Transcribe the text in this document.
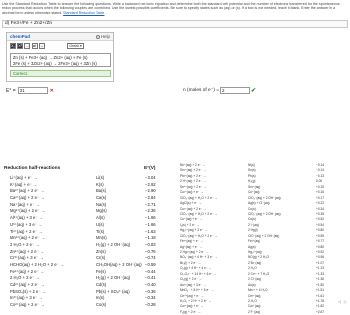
Use the Standard Reduction Table to answer the following questions. Write a balanced net ionic equation and determine both the standard cell potential and the number of electrons transferred for the spontaneous redox process that occurs when the following couples are combined. Use the lowest possible coefficients. Be sure to specify states such as (aq) or (s). If a box is not needed, leave it blank. Enter the answer in a decimal form unless otherwise stated. Standard Reduction Table
d) Fe3+/Fe + Zn2+/Zn
chemPad	Help
X₂ X² →	⇌	↔	Greek ▾
Zn (s) + Fe3+ (aq) → Zn2+ (aq) + Fe (s)
2Fe (s) + 3Zn2+ (aq) → 2Fe3+ (aq) + 3Zn (s)
Correct.
E° = 31	✕	n (moles of e⁻) = 2	✔
Reduction half-reactions	E°(V)
Li⁺(aq) + e⁻ →	Li(s)	−3.04
K⁺(aq) + e⁻ →	K(s)	−2.92
Ba²⁺(aq) + 2 e⁻ →	Ba(s)	−2.90
Ca²⁺(aq) + 2 e⁻ →	Ca(s)	−2.84
Na⁺(aq) + e⁻ →	Na(s)	−2.71
Mg²⁺(aq) + 2 e⁻ →	Mg(s)	−2.36
Al³⁺(aq) + 3 e⁻ →	Al(s)	−1.66
U³⁺(aq) + 3 e⁻ →	U(s)	−1.66
Ti²⁺(aq) + 2 e⁻ →	Ti(s)	−1.63
Mn²⁺(aq) + 2 e⁻ →	Mn(s)	−1.18
2 H₂O + 2 e⁻ →	H₂(g) + 2 OH⁻(aq)	−0.83
Zn²⁺(aq) + 2 e⁻ →	Zn(s)	−0.76
Cr³⁺(aq) + 3 e⁻ →	Cr(s)	−0.74
HCHO(aq) + 2 H₂O + 2 e⁻ →	CH₃OH(aq) + 2 OH⁻(aq) −0.59
Fe²⁺(aq) + 2 e⁻ →	Fe(s)	−0.44
2 H₂O + 2 e⁻ →	H₂(g) + 2 OH⁻(aq)	−0.41
Cd²⁺(aq) + 2 e⁻ →	Cd(s)	−0.40
PbSO₄(s) + 2 e⁻ →	Pb(s) + SO₄²⁻(aq)	−0.36
In³⁺(aq) + 3 e⁻ →	In(s)	−0.34
Co²⁺(aq) + 2 e⁻ →	Co(s)	−0.28
Ni²⁺(aq) + 2 e⁻ →	Ni(s)	−0.14
Sn²⁺(aq) + 2 e⁻ →	Sn(s)	−0.14
Pb²⁺(aq) + 2 e⁻ →	Pb(s)	−0.13
2 H⁺(aq) + 2 e⁻ →	H₂(g)	0.00
Sn⁴⁺(aq) + 2 e⁻ →	Sn²⁺(aq)	+0.15
Cu²⁺(aq) + e⁻ →	Cu⁺(aq)	+0.16
ClO₄⁻(aq) + H₂O + 2 e⁻ →	ClO₃⁻(aq) + 2 OH⁻(aq)	+0.17
AgCl(s) + e⁻ →	Ag(s) + Cl⁻(aq)	+0.22
Cu²⁺(aq) + 2 e⁻ →	Cu(s)	+0.34
ClO₃⁻(aq) + H₂O + 2 e⁻ →	ClO₂⁻(aq) + 2 OH⁻(aq)	+0.35
Cu⁺(aq) + e⁻ →	Cu(s)	+0.52
I₂(s) + 2 e⁻ →	2 I⁻(aq)	+0.54
Hg₂²⁺(aq) + 2 e⁻ →	2 Hg(l)	+0.80
ClO₂⁻(aq) + H₂O + 2 e⁻ →	ClO⁻(aq) + 2 OH⁻(aq)	+0.59
Fe³⁺(aq) + e⁻ →	Fe²⁺(aq)	+0.77
Ag⁺(aq) + e⁻ →	Ag(s)	+0.80
2 Hg²⁺(aq) + 2 e⁻ →	Hg₂²⁺(aq)	+0.92
NO₃⁻(aq) + 4 H⁺ + 3 e⁻ →	NO(g) + 2 H₂O	+0.96
Br₂(l) + 2 e⁻ →	2 Br⁻(aq)	+1.07
O₂(g) + 4 H⁺ + 4 e⁻ →	2 H₂O	+1.23
Cr₂O₇²⁻ + 14 H⁺ + 6 e⁻ →	2 Cr³⁺ + 7 H₂O	+1.33
Cl₂(g) + 2 e⁻ →	2 Cl⁻(aq)	+1.36
Au³⁺(aq) + 3 e⁻ →	Au(s)	+1.50
MnO₄⁻ + 8 H⁺ + 5 e⁻ →	Mn²⁺ + 4 H₂O	+1.51
Ce⁴⁺(aq) + e⁻ →	Ce³⁺(aq)	+1.61
H₂O₂ + 2 H⁺ + 2 e⁻ →	2 H₂O	+1.78
Co³⁺(aq) + e⁻ →	Co²⁺(aq)	+1.82
F₂(g) + 2 e⁻ →	2 F⁻(aq)	+2.87
◁ ▷
